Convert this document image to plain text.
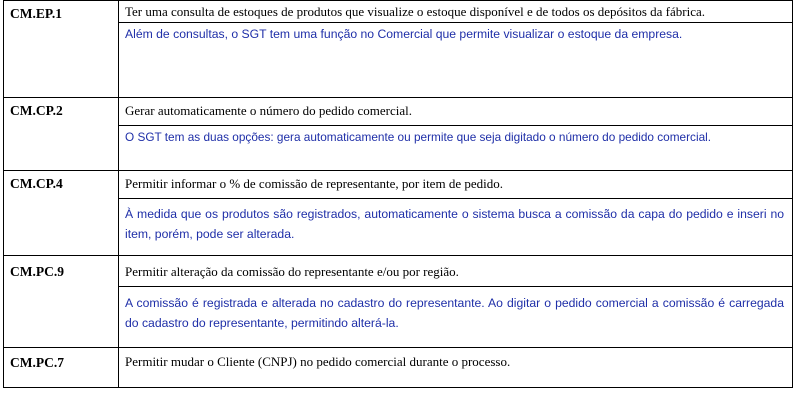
CM.EP.1	Ter uma consulta de estoques de produtos que visualize o estoque disponível e de todos os depósitos da fábrica.
Além de consultas, o SGT tem uma função no Comercial que permite visualizar o estoque da empresa.

CM.CP.2	Gerar automaticamente o número do pedido comercial.
O SGT tem as duas opções: gera automaticamente ou permite que seja digitado o número do pedido comercial.

CM.CP.4	Permitir informar o % de comissão de representante, por item de pedido.
À medida que os produtos são registrados, automaticamente o sistema busca a comissão da capa do pedido e inseri no item, porém, pode ser alterada.

CM.PC.9	Permitir alteração da comissão do representante e/ou por região.
A comissão é registrada e alterada no cadastro do representante. Ao digitar o pedido comercial a comissão é carregada do cadastro do representante, permitindo alterá-la.

CM.PC.7	Permitir mudar o Cliente (CNPJ) no pedido comercial durante o processo.
